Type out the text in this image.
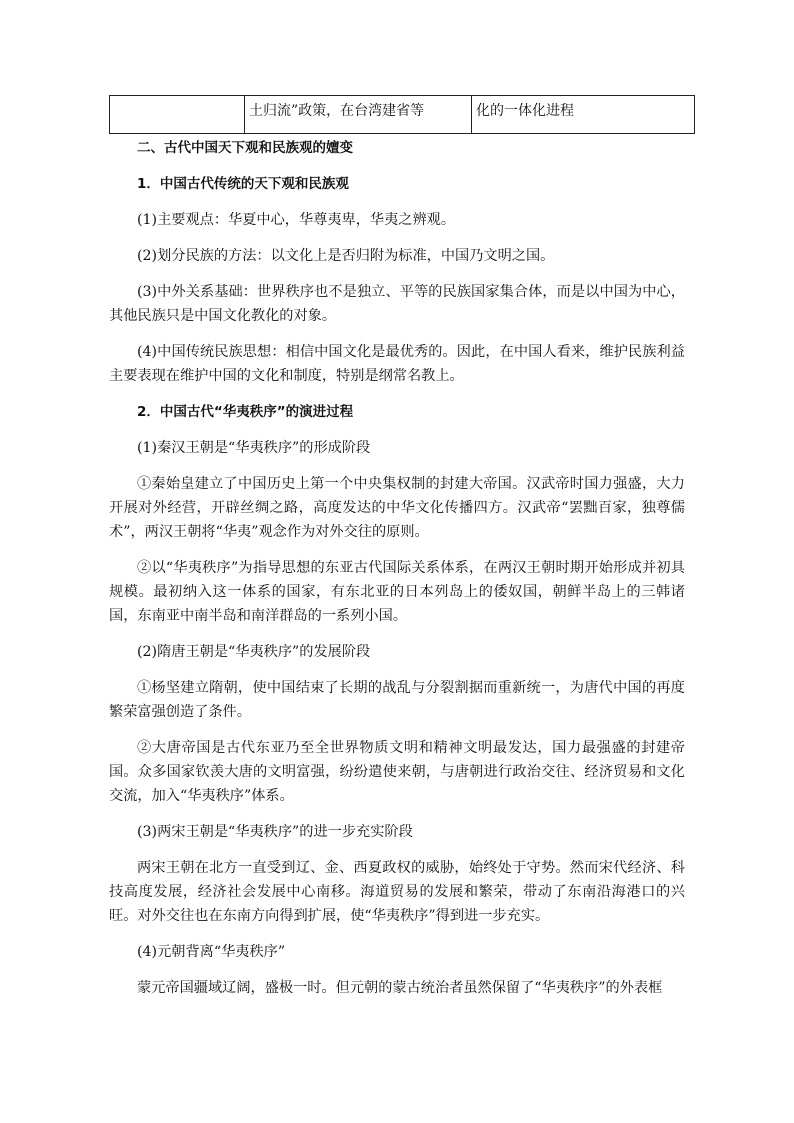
	土归流”政策，在台湾建省等	化的一体化进程

二、古代中国天下观和民族观的嬗变

1．中国古代传统的天下观和民族观

(1)主要观点：华夏中心，华尊夷卑，华夷之辨观。

(2)划分民族的方法：以文化上是否归附为标准，中国乃文明之国。

(3)中外关系基础：世界秩序也不是独立、平等的民族国家集合体，而是以中国为中心，其他民族只是中国文化教化的对象。

(4)中国传统民族思想：相信中国文化是最优秀的。因此，在中国人看来，维护民族利益主要表现在维护中国的文化和制度，特别是纲常名教上。

2．中国古代“华夷秩序”的演进过程

(1)秦汉王朝是“华夷秩序”的形成阶段

①秦始皇建立了中国历史上第一个中央集权制的封建大帝国。汉武帝时国力强盛，大力开展对外经营，开辟丝绸之路，高度发达的中华文化传播四方。汉武帝“罢黜百家，独尊儒术”，两汉王朝将“华夷”观念作为对外交往的原则。

②以“华夷秩序”为指导思想的东亚古代国际关系体系，在两汉王朝时期开始形成并初具规模。最初纳入这一体系的国家，有东北亚的日本列岛上的倭奴国，朝鲜半岛上的三韩诸国，东南亚中南半岛和南洋群岛的一系列小国。

(2)隋唐王朝是“华夷秩序”的发展阶段

①杨坚建立隋朝，使中国结束了长期的战乱与分裂割据而重新统一，为唐代中国的再度繁荣富强创造了条件。

②大唐帝国是古代东亚乃至全世界物质文明和精神文明最发达，国力最强盛的封建帝国。众多国家钦羡大唐的文明富强，纷纷遣使来朝，与唐朝进行政治交往、经济贸易和文化交流，加入“华夷秩序”体系。

(3)两宋王朝是“华夷秩序”的进一步充实阶段

两宋王朝在北方一直受到辽、金、西夏政权的威胁，始终处于守势。然而宋代经济、科技高度发展，经济社会发展中心南移。海道贸易的发展和繁荣，带动了东南沿海港口的兴旺。对外交往也在东南方向得到扩展，使“华夷秩序”得到进一步充实。

(4)元朝背离“华夷秩序”

蒙元帝国疆域辽阔，盛极一时。但元朝的蒙古统治者虽然保留了“华夷秩序”的外表框
